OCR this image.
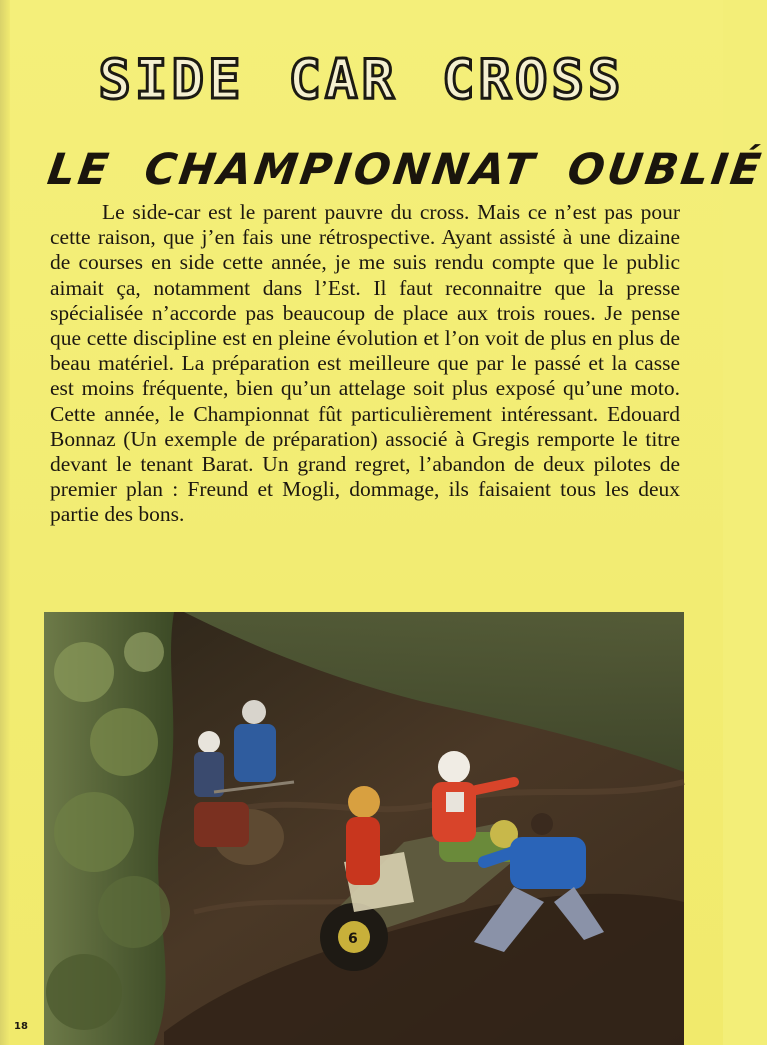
SIDE CAR CROSS
LE CHAMPIONNAT OUBLIÉ

Le side-car est le parent pauvre du cross. Mais ce n’est pas pour cette raison, que j’en fais une rétrospective. Ayant assisté à une dizaine de courses en side cette année, je me suis rendu compte que le public aimait ça, notamment dans l’Est. Il faut reconnaitre que la presse spécialisée n’accorde pas beaucoup de place aux trois roues. Je pense que cette discipline est en pleine évolution et l’on voit de plus en plus de beau matériel. La préparation est meilleure que par le passé et la casse est moins fréquente, bien qu’un attelage soit plus exposé qu’une moto. Cette année, le Championnat fût particulièrement intéressant. Edouard Bonnaz (Un exemple de préparation) associé à Gregis remporte le titre devant le tenant Barat. Un grand regret, l’abandon de deux pilotes de premier plan : Freund et Mogli, dommage, ils faisaient tous les deux partie des bons.

6
18
